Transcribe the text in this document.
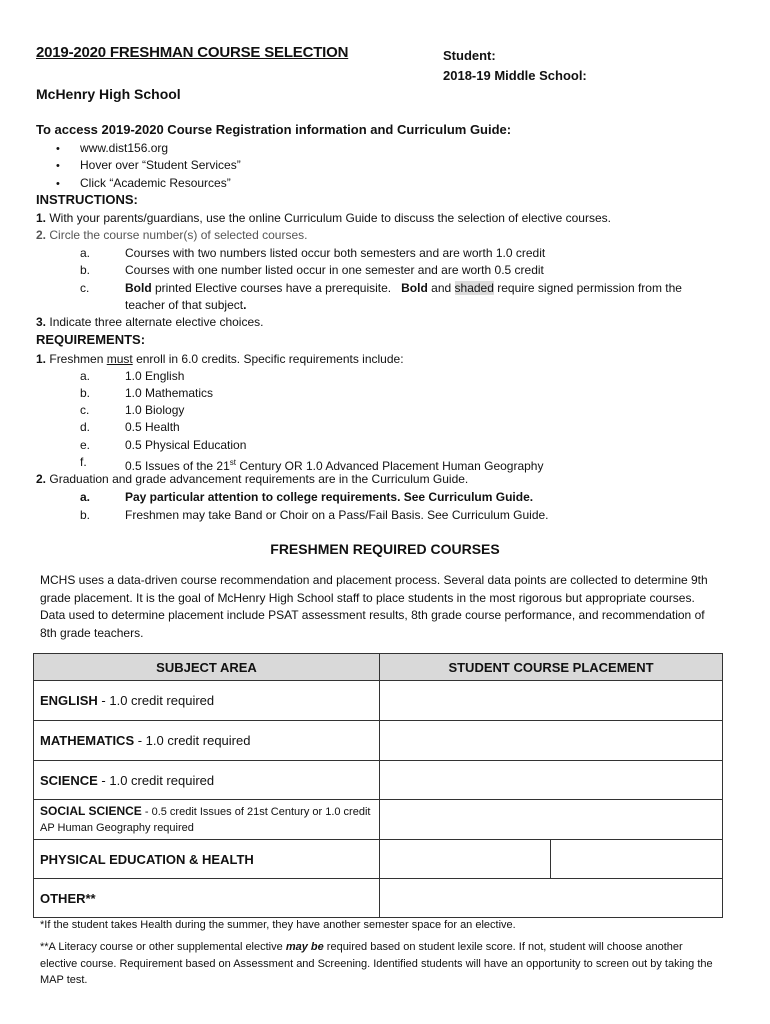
2019-2020 FRESHMAN COURSE SELECTION	Student:
2018-19 Middle School:
McHenry High School
To access 2019-2020 Course Registration information and Curriculum Guide:
• www.dist156.org
• Hover over “Student Services”
• Click “Academic Resources”
INSTRUCTIONS:
1. With your parents/guardians, use the online Curriculum Guide to discuss the selection of elective courses.
2. Circle the course number(s) of selected courses.
a.	Courses with two numbers listed occur both semesters and are worth 1.0 credit
b.	Courses with one number listed occur in one semester and are worth 0.5 credit
c.	Bold printed Elective courses have a prerequisite.   Bold and shaded require signed permission from the
teacher of that subject.
3. Indicate three alternate elective choices.
REQUIREMENTS:
1. Freshmen must enroll in 6.0 credits. Specific requirements include:
a.	1.0 English
b.	1.0 Mathematics
c.	1.0 Biology
d.	0.5 Health
e.	0.5 Physical Education
f.	0.5 Issues of the 21st Century OR 1.0 Advanced Placement Human Geography
2. Graduation and grade advancement requirements are in the Curriculum Guide.
a.	Pay particular attention to college requirements. See Curriculum Guide.
b.	Freshmen may take Band or Choir on a Pass/Fail Basis. See Curriculum Guide.
FRESHMEN REQUIRED COURSES
MCHS uses a data-driven course recommendation and placement process. Several data points are collected to determine 9th grade placement. It is the goal of McHenry High School staff to place students in the most rigorous but appropriate courses. Data used to determine placement include PSAT assessment results, 8th grade course performance, and recommendation of 8th grade teachers.
SUBJECT AREA	STUDENT COURSE PLACEMENT	
ENGLISH - 1.0 credit required		
MATHEMATICS - 1.0 credit required		
SCIENCE - 1.0 credit required		
SOCIAL SCIENCE - 0.5 credit Issues of 21st Century or 1.0 credit AP Human Geography required		
PHYSICAL EDUCATION & HEALTH		
OTHER**		
*If the student takes Health during the summer, they have another semester space for an elective.
**A Literacy course or other supplemental elective may be required based on student lexile score. If not, student will choose another elective course. Requirement based on Assessment and Screening. Identified students will have an opportunity to screen out by taking the MAP test.
